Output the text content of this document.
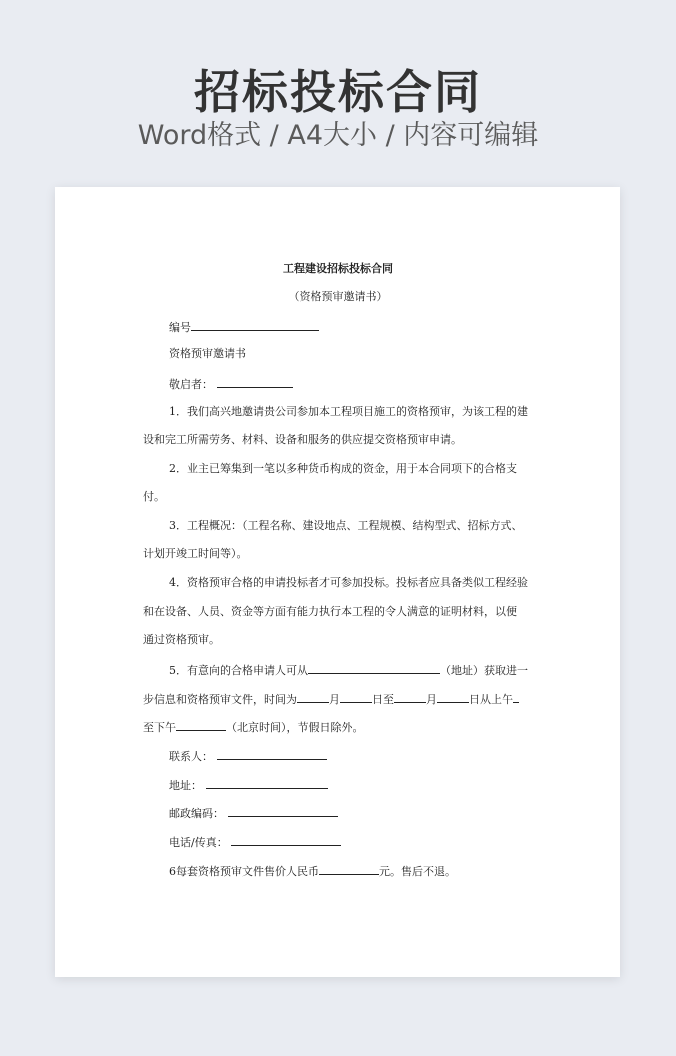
招标投标合同
Word格式 / A4大小 / 内容可编辑
工程建设招标投标合同
（资格预审邀请书）
编号
资格预审邀请书
敬启者：
1．我们高兴地邀请贵公司参加本工程项目施工的资格预审，为该工程的建
设和完工所需劳务、材料、设备和服务的供应提交资格预审申请。
2．业主已筹集到一笔以多种货币构成的资金，用于本合同项下的合格支
付。
3．工程概况：（工程名称、建设地点、工程规模、结构型式、招标方式、
计划开竣工时间等）。
4．资格预审合格的申请投标者才可参加投标。投标者应具备类似工程经验
和在设备、人员、资金等方面有能力执行本工程的令人满意的证明材料，以便
通过资格预审。
5．有意向的合格申请人可从	（地址）获取进一
步信息和资格预审文件，时间为	月	日至	月	日从上午
至下午	（北京时间），节假日除外。
联系人：
地址：
邮政编码：
电话/传真：
6每套资格预审文件售价人民币	元。售后不退。
